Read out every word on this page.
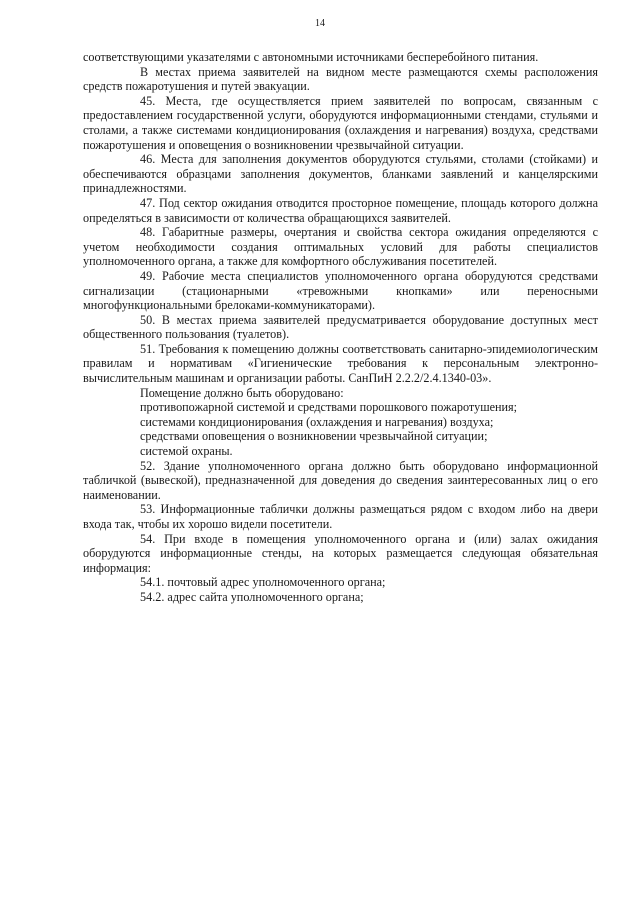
14

соответствующими указателями с автономными источниками бесперебойного питания.

В местах приема заявителей на видном месте размещаются схемы расположения средств пожаротушения и путей эвакуации.

45. Места, где осуществляется прием заявителей по вопросам, связанным с предоставлением государственной услуги, оборудуются информационными стендами, стульями и столами, а также системами кондиционирования (охлаждения и нагревания) воздуха, средствами пожаротушения и оповещения о возникновении чрезвычайной ситуации.

46. Места для заполнения документов оборудуются стульями, столами (стойками) и обеспечиваются образцами заполнения документов, бланками заявлений и канцелярскими принадлежностями.

47. Под сектор ожидания отводится просторное помещение, площадь которого должна определяться в зависимости от количества обращающихся заявителей.

48. Габаритные размеры, очертания и свойства сектора ожидания определяются с учетом необходимости создания оптимальных условий для работы специалистов уполномоченного органа, а также для комфортного обслуживания посетителей.

49. Рабочие места специалистов уполномоченного органа оборудуются средствами сигнализации (стационарными «тревожными кнопками» или переносными многофункциональными брелоками-коммуникаторами).

50. В местах приема заявителей предусматривается оборудование доступных мест общественного пользования (туалетов).

51. Требования к помещению должны соответствовать санитарно-эпидемиологическим правилам и нормативам «Гигиенические требования к персональным электронно-вычислительным машинам и организации работы. СанПиН 2.2.2/2.4.1340-03».

Помещение должно быть оборудовано:

противопожарной системой и средствами порошкового пожаротушения;

системами кондиционирования (охлаждения и нагревания) воздуха;

средствами оповещения о возникновении чрезвычайной ситуации;

системой охраны.

52. Здание уполномоченного органа должно быть оборудовано информационной табличкой (вывеской), предназначенной для доведения до сведения заинтересованных лиц о его наименовании.

53. Информационные таблички должны размещаться рядом с входом либо на двери входа так, чтобы их хорошо видели посетители.

54. При входе в помещения уполномоченного органа и (или) залах ожидания оборудуются информационные стенды, на которых размещается следующая обязательная информация:

54.1. почтовый адрес уполномоченного органа;

54.2. адрес сайта уполномоченного органа;
